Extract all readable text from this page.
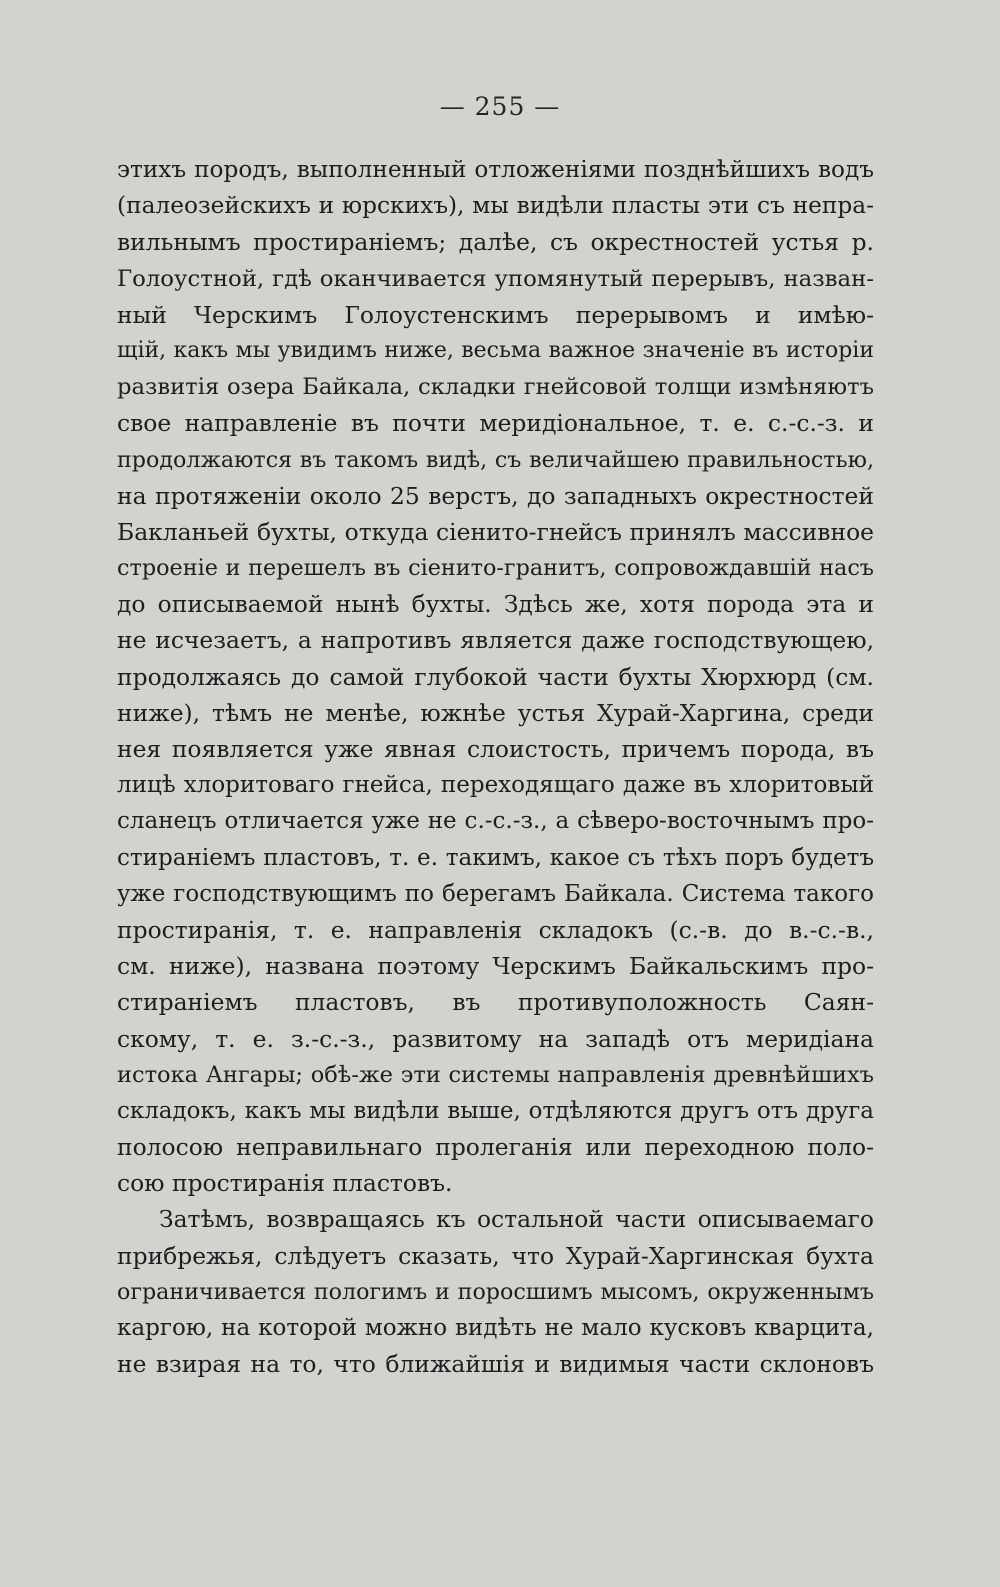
— 255 —
этихъ породъ, выполненный отложеніями позднѣйшихъ водъ
(палеозейскихъ и юрскихъ), мы видѣли пласты эти съ непра-
вильнымъ простираніемъ; далѣе, съ окрестностей устья р.
Голоустной, гдѣ оканчивается упомянутый перерывъ, назван-
ный Черскимъ Голоустенскимъ перерывомъ и имѣю-
щій, какъ мы увидимъ ниже, весьма важное значеніе въ исторіи
развитія озера Байкала, складки гнейсовой толщи измѣняютъ
свое направленіе въ почти меридіональное, т. е. с.-с.-з. и
продолжаются въ такомъ видѣ, съ величайшею правильностью,
на протяженіи около 25 верстъ, до западныхъ окрестностей
Бакланьей бухты, откуда сіенито-гнейсъ принялъ массивное
строеніе и перешелъ въ сіенито-гранитъ, сопровождавшій насъ
до описываемой нынѣ бухты. Здѣсь же, хотя порода эта и
не исчезаетъ, а напротивъ является даже господствующею,
продолжаясь до самой глубокой части бухты Хюрхюрд (см.
ниже), тѣмъ не менѣе, южнѣе устья Хурай-Харгина, среди
нея появляется уже явная слоистость, причемъ порода, въ
лицѣ хлоритоваго гнейса, переходящаго даже въ хлоритовый
сланецъ отличается уже не с.-с.-з., а сѣверо-восточнымъ про-
стираніемъ пластовъ, т. е. такимъ, какое съ тѣхъ поръ будетъ
уже господствующимъ по берегамъ Байкала. Система такого
простиранія, т. е. направленія складокъ (с.-в. до в.-с.-в.,
см. ниже), названа поэтому Черскимъ Байкальскимъ про-
стираніемъ пластовъ, въ противуположность Саян-
скому, т. е. з.-с.-з., развитому на западѣ отъ меридіана
истока Ангары; обѣ-же эти системы направленія древнѣйшихъ
складокъ, какъ мы видѣли выше, отдѣляются другъ отъ друга
полосою неправильнаго пролеганія или переходною поло-
сою простиранія пластовъ.
Затѣмъ, возвращаясь къ остальной части описываемаго
прибрежья, слѣдуетъ сказать, что Хурай-Харгинская бухта
ограничивается пологимъ и поросшимъ мысомъ, окруженнымъ
каргою, на которой можно видѣть не мало кусковъ кварцита,
не взирая на то, что ближайшія и видимыя части склоновъ
